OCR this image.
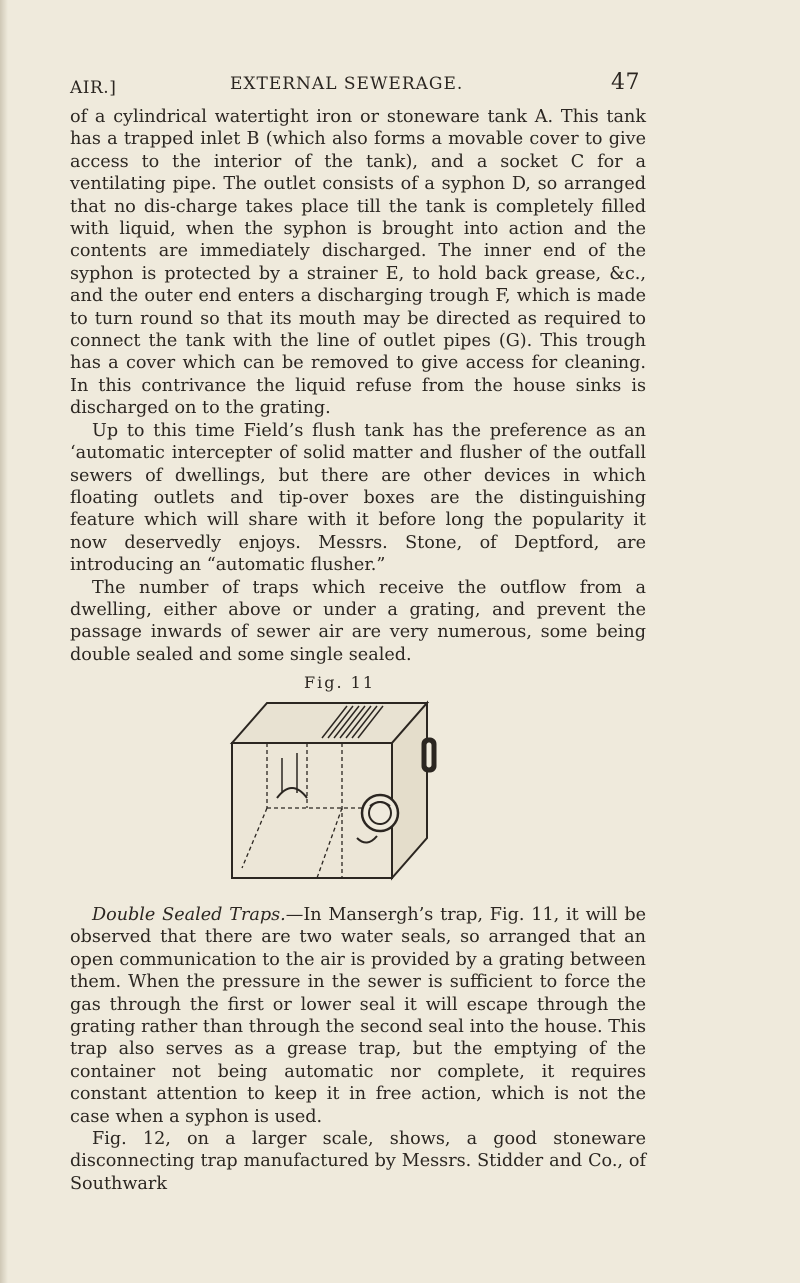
AIR.]	EXTERNAL SEWERAGE.	47

of a cylindrical watertight iron or stoneware tank A. This tank has a trapped inlet B (which also forms a movable cover to give access to the interior of the tank), and a socket C for a ventilating pipe. The outlet consists of a syphon D, so arranged that no dis-charge takes place till the tank is completely filled with liquid, when the syphon is brought into action and the contents are immediately discharged. The inner end of the syphon is protected by a strainer E, to hold back grease, &c., and the outer end enters a discharging trough F, which is made to turn round so that its mouth may be directed as required to connect the tank with the line of outlet pipes (G). This trough has a cover which can be removed to give access for cleaning. In this contrivance the liquid refuse from the house sinks is discharged on to the grating.

Up to this time Field’s flush tank has the preference as an ‘automatic intercepter of solid matter and flusher of the outfall sewers of dwellings, but there are other devices in which floating outlets and tip-over boxes are the distinguishing feature which will share with it before long the popularity it now deservedly enjoys. Messrs. Stone, of Deptford, are introducing an “automatic flusher.”

The number of traps which receive the outflow from a dwelling, either above or under a grating, and prevent the passage inwards of sewer air are very numerous, some being double sealed and some single sealed.

Fig. 11

Double Sealed Traps.—In Mansergh’s trap, Fig. 11, it will be observed that there are two water seals, so arranged that an open communication to the air is provided by a grating between them. When the pressure in the sewer is sufficient to force the gas through the first or lower seal it will escape through the grating rather than through the second seal into the house. This trap also serves as a grease trap, but the emptying of the container not being automatic nor complete, it requires constant attention to keep it in free action, which is not the case when a syphon is used.

Fig. 12, on a larger scale, shows, a good stoneware disconnecting trap manufactured by Messrs. Stidder and Co., of Southwark
